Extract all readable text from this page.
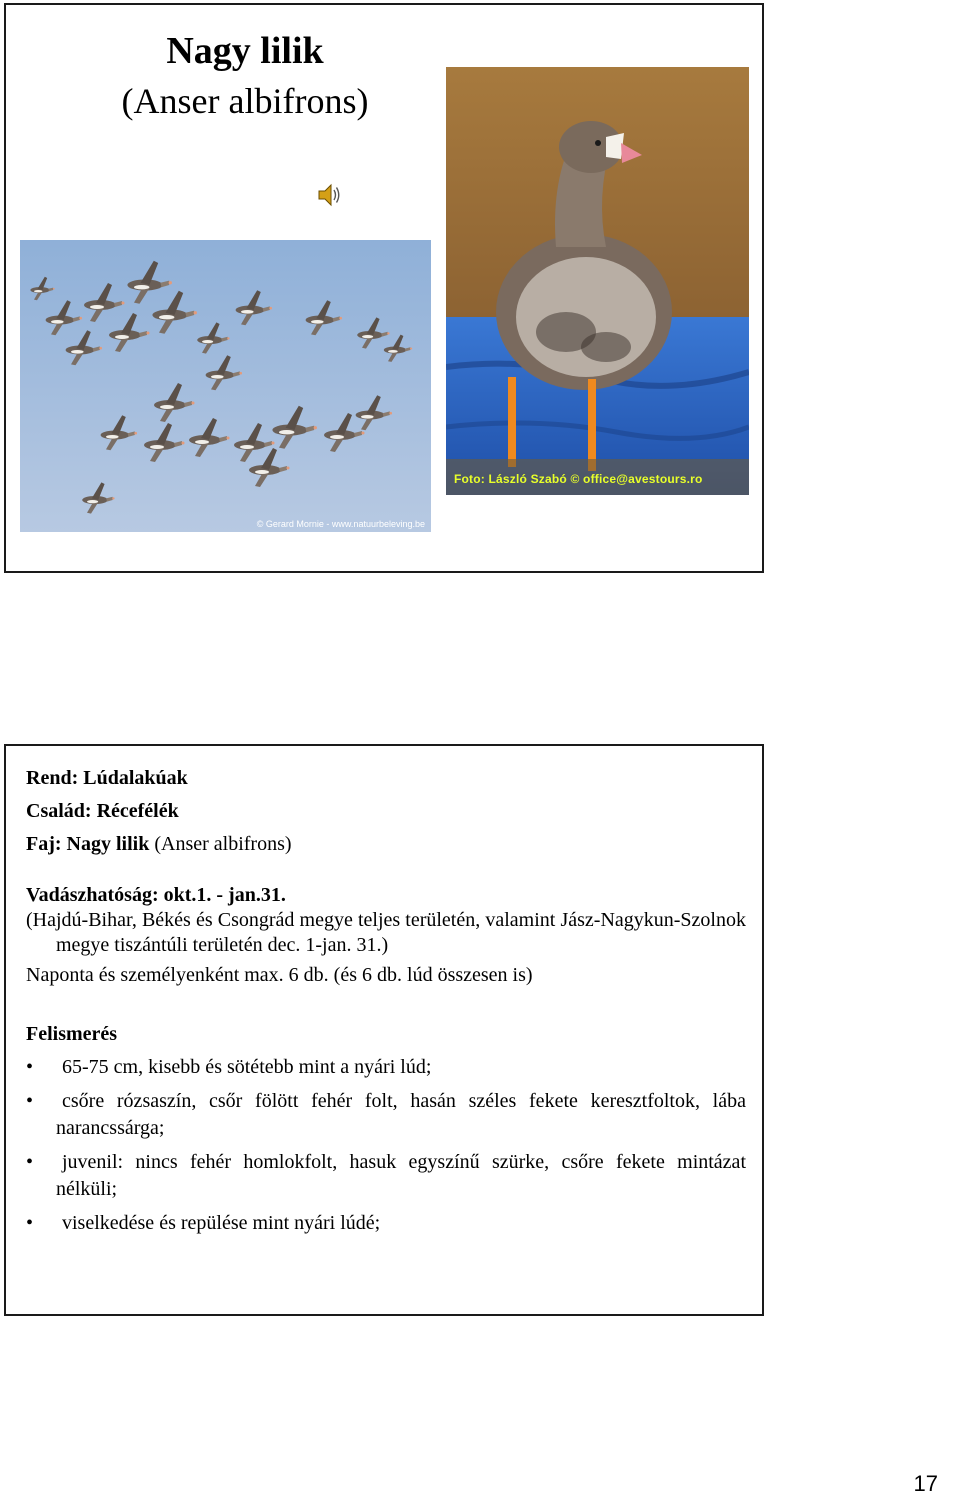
Nagy lilik
(Anser albifrons)
© Gerard Mornie - www.natuurbeleving.be
Foto: László Szabó © office@avestours.ro

Rend: Lúdalakúak

Család: Récefélék

Faj: Nagy lilik (Anser albifrons)

Vadászhatóság: okt.1. - jan.31.

(Hajdú-Bihar, Békés és Csongrád megye teljes területén, valamint Jász-Nagykun-Szolnok megye tiszántúli területén dec. 1-jan. 31.)

Naponta és személyenként max. 6 db. (és 6 db. lúd összesen is)

Felismerés

•	65-75 cm, kisebb és sötétebb mint a nyári lúd;
•	csőre rózsaszín, csőr fölött fehér folt, hasán széles fekete keresztfoltok, lába narancssárga;
•	juvenil: nincs fehér homlokfolt, hasuk egyszínű szürke, csőre fekete mintázat nélküli;
•	viselkedése és repülése mint nyári lúdé;
17
